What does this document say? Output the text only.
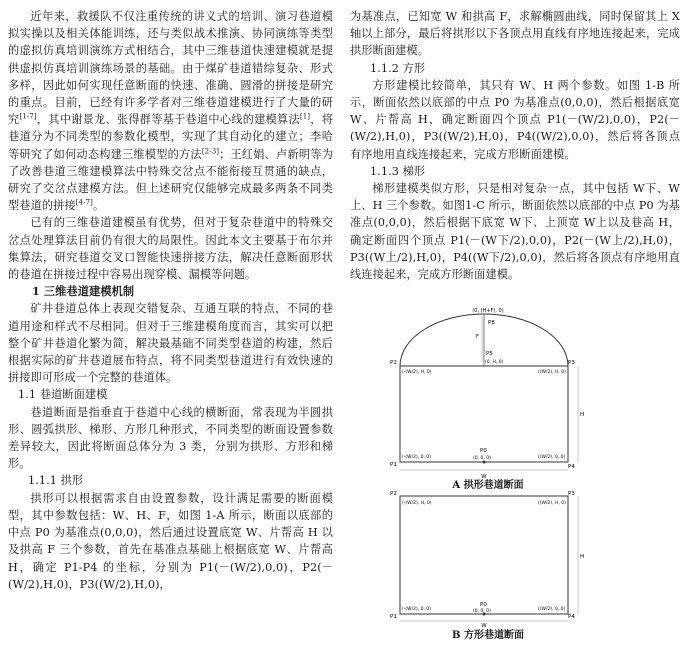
近年来，救援队不仅注重传统的讲义式的培训、演习巷道模拟实操以及相关体能训练，还与类似战术推演、协同演练等类型的虚拟仿真培训演练方式相结合，其中三维巷道快速建模就是提供虚拟仿真培训演练场景的基础。由于煤矿巷道错综复杂、形式多样，因此如何实现任意断面的快速、准确、圆滑的拼接是研究的重点。目前，已经有许多学者对三维巷道建模进行了大量的研究[1-7]，其中谢景龙、张得群等基于巷道中心线的建模算法[1]，将巷道分为不同类型的参数化模型，实现了其自动化的建立；李哈等研究了如何动态构建三维模型的方法[2-3]；王红娟、卢新明等为了改善巷道三维建模算法中特殊交岔点不能衔接互贯通的缺点，研究了交岔点建模方法。但上述研究仅能够完成最多两条不同类型巷道的拼接[4-7]。

已有的三维巷道建模虽有优势，但对于复杂巷道中的特殊交岔点处理算法目前仍有很大的局限性。因此本文主要基于布尔并集算法，研究巷道交叉口智能快速拼接方法，解决任意断面形状的巷道在拼接过程中容易出现穿模、漏模等问题。

1 三维巷道建模机制

矿井巷道总体上表现交错复杂、互通互联的特点，不同的巷道用途和样式不尽相同。但对于三维建模角度而言，其实可以把整个矿井巷道化繁为简，解决最基础不同类型巷道的构建，然后根据实际的矿井巷道展布特点，将不同类型巷道进行有效快速的拼接即可形成一个完整的巷道体。

1.1 巷道断面建模

巷道断面是指垂直于巷道中心线的横断面，常表现为半圆拱形、圆弧拱形、梯形、方形几种形式，不同类型的断面设置参数差异较大，因此将断面总体分为 3 类，分别为拱形、方形和梯形。

1.1.1 拱形

拱形可以根据需求自由设置参数，设计满足需要的断面模型，其中参数包括：W、H、F，如图 1-A 所示，断面以底部的中点 P0 为基准点(0,0,0)，然后通过设置底宽 W、片帮高 H 以及拱高 F 三个参数，首先在基准点基础上根据底宽 W、片帮高 H，确定 P1-P4 的坐标，分别为 P1(－(W/2),0,0)，P2(－(W/2),H,0)，P3((W/2),H,0)，

为基准点，已知宽 W 和拱高 F，求解椭圆曲线，同时保留其上 X 轴以上部分，最后将拱形以下各顶点用直线有序地连接起来，完成拱形断面建模。

1.1.2 方形

方形建模比较简单，其只有 W、H 两个参数。如图 1-B 所示，断面依然以底部的中点 P0 为基准点(0,0,0)，然后根据底宽 W、片帮高 H，确定断面四个顶点 P1(－(W/2),0,0)，P2(－(W/2),H,0)，P3((W/2),H,0)，P4((W/2),0,0)，然后将各顶点有序地用直线连接起来，完成方形断面建模。

1.1.3 梯形

梯形建模类似方形，只是相对复杂一点，其中包括 W下、W上、H 三个参数。如图1-C 所示，断面依然以底部的中点 P0 为基准点(0,0,0)，然后根据下底宽 W下、上顶宽 W上以及巷高 H，确定断面四个顶点 P1(－(W下/2),0,0)，P2(－(W上/2),H,0)，P3((W上/2),H,0)，P4((W下/2),0,0)，然后将各顶点有序地用直线连接起来，完成方形断面建模。

(0, (H+F), 0)
P6
F
P5
(0, H, 0)
P2
(-(W/2), H, 0)
P3
((W/2), H, 0)
H
P0
(0, 0, 0)
P1
(-(W/2), 0, 0)
P4
((W/2), 0, 0)
W
A 拱形巷道断面
P2
(-(W/2), H, 0)
P3
((W/2), H, 0)
H
P0
(0, 0, 0)
P1
(-(W/2), 0, 0)
P4
((W/2), 0, 0)
W
B 方形巷道断面
